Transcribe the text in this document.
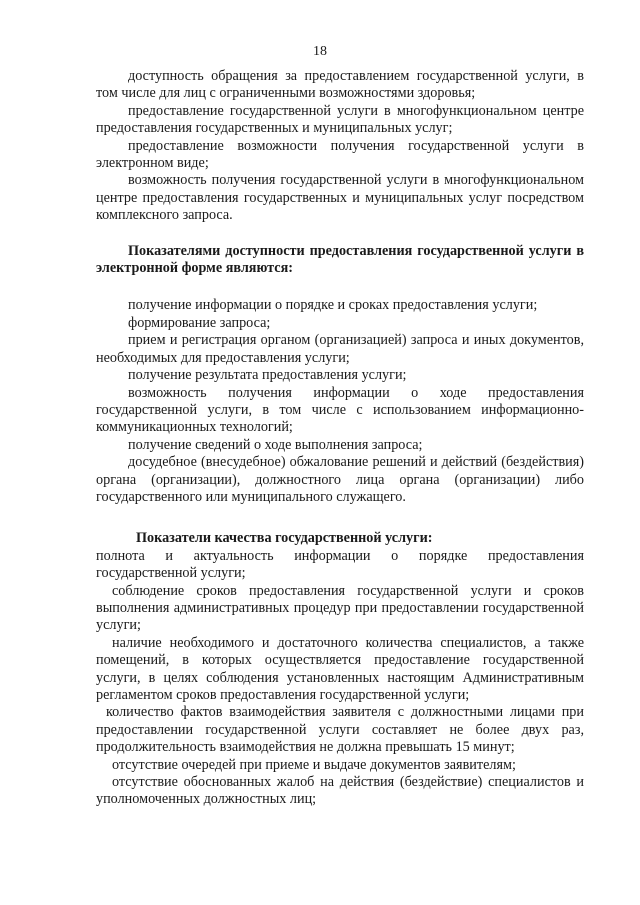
18

доступность обращения за предоставлением государственной услуги, в том числе для лиц с ограниченными возможностями здоровья;

предоставление государственной услуги в многофункциональном центре предоставления государственных и муниципальных услуг;

предоставление возможности получения государственной услуги в электронном виде;

возможность получения государственной услуги в многофункциональном центре предоставления государственных и муниципальных услуг посредством комплексного запроса.

Показателями доступности предоставления государственной услуги в электронной форме являются:

получение информации о порядке и сроках предоставления услуги;

формирование запроса;

прием и регистрация органом (организацией) запроса и иных документов, необходимых для предоставления услуги;

получение результата предоставления услуги;

возможность получения информации о ходе предоставления государственной услуги, в том числе с использованием информационно-коммуникационных технологий;

получение сведений о ходе выполнения запроса;

досудебное (внесудебное) обжалование решений и действий (бездействия) органа (организации), должностного лица органа (организации) либо государственного или муниципального служащего.

Показатели качества государственной услуги:

полнота и актуальность информации о порядке предоставления государственной услуги;

соблюдение сроков предоставления государственной услуги и сроков выполнения административных процедур при предоставлении государственной услуги;

наличие необходимого и достаточного количества специалистов, а также помещений, в которых осуществляется предоставление государственной услуги, в целях соблюдения установленных настоящим Административным регламентом сроков предоставления государственной услуги;

количество фактов взаимодействия заявителя с должностными лицами при предоставлении государственной услуги составляет не более двух раз, продолжительность взаимодействия не должна превышать 15 минут;

отсутствие очередей при приеме и выдаче документов заявителям;

отсутствие обоснованных жалоб на действия (бездействие) специалистов и уполномоченных должностных лиц;
